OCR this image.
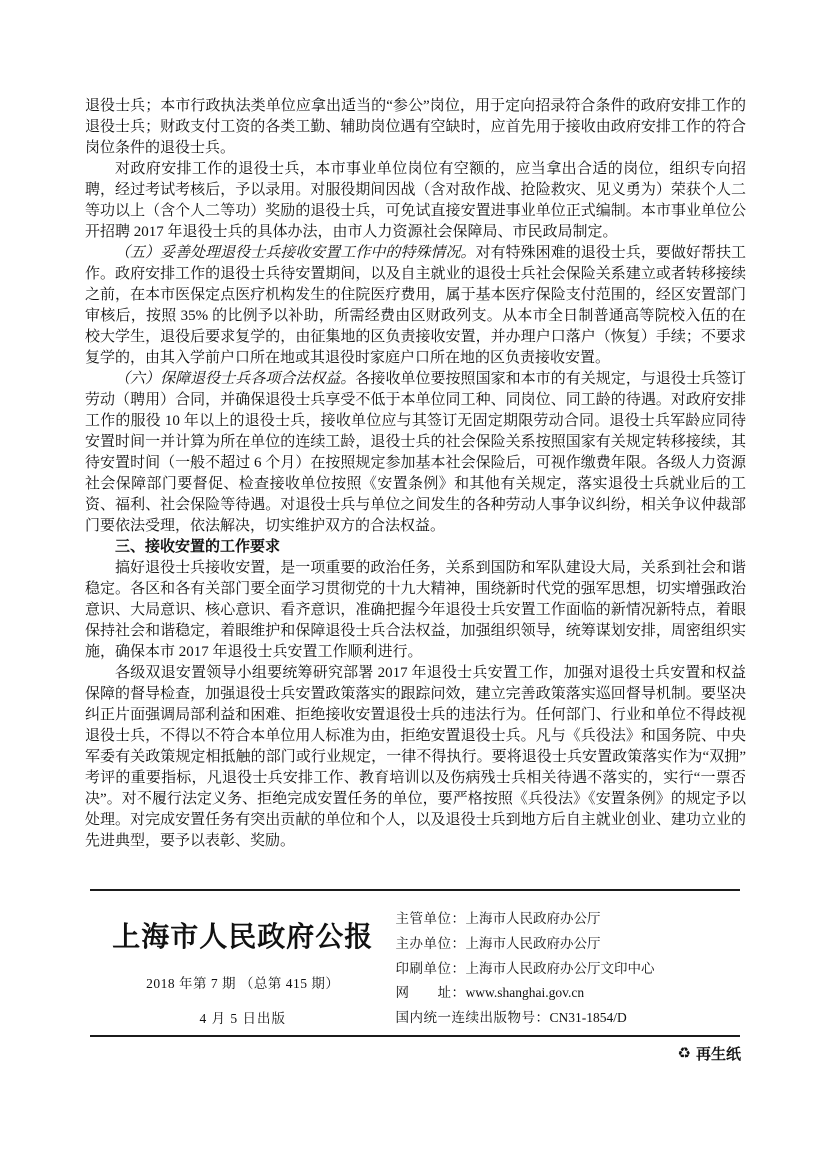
退役士兵；本市行政执法类单位应拿出适当的“参公”岗位，用于定向招录符合条件的政府安排工作的退役士兵；财政支付工资的各类工勤、辅助岗位遇有空缺时，应首先用于接收由政府安排工作的符合岗位条件的退役士兵。

对政府安排工作的退役士兵，本市事业单位岗位有空额的，应当拿出合适的岗位，组织专向招聘，经过考试考核后，予以录用。对服役期间因战（含对敌作战、抢险救灾、见义勇为）荣获个人二等功以上（含个人二等功）奖励的退役士兵，可免试直接安置进事业单位正式编制。本市事业单位公开招聘 2017 年退役士兵的具体办法，由市人力资源社会保障局、市民政局制定。

（五）妥善处理退役士兵接收安置工作中的特殊情况。对有特殊困难的退役士兵，要做好帮扶工作。政府安排工作的退役士兵待安置期间，以及自主就业的退役士兵社会保险关系建立或者转移接续之前，在本市医保定点医疗机构发生的住院医疗费用，属于基本医疗保险支付范围的，经区安置部门审核后，按照 35% 的比例予以补助，所需经费由区财政列支。从本市全日制普通高等院校入伍的在校大学生，退役后要求复学的，由征集地的区负责接收安置，并办理户口落户（恢复）手续；不要求复学的，由其入学前户口所在地或其退役时家庭户口所在地的区负责接收安置。

（六）保障退役士兵各项合法权益。各接收单位要按照国家和本市的有关规定，与退役士兵签订劳动（聘用）合同，并确保退役士兵享受不低于本单位同工种、同岗位、同工龄的待遇。对政府安排工作的服役 10 年以上的退役士兵，接收单位应与其签订无固定期限劳动合同。退役士兵军龄应同待安置时间一并计算为所在单位的连续工龄，退役士兵的社会保险关系按照国家有关规定转移接续，其待安置时间（一般不超过 6 个月）在按照规定参加基本社会保险后，可视作缴费年限。各级人力资源社会保障部门要督促、检查接收单位按照《安置条例》和其他有关规定，落实退役士兵就业后的工资、福利、社会保险等待遇。对退役士兵与单位之间发生的各种劳动人事争议纠纷，相关争议仲裁部门要依法受理，依法解决，切实维护双方的合法权益。

三、接收安置的工作要求

搞好退役士兵接收安置，是一项重要的政治任务，关系到国防和军队建设大局，关系到社会和谐稳定。各区和各有关部门要全面学习贯彻党的十九大精神，围绕新时代党的强军思想，切实增强政治意识、大局意识、核心意识、看齐意识，准确把握今年退役士兵安置工作面临的新情况新特点，着眼保持社会和谐稳定，着眼维护和保障退役士兵合法权益，加强组织领导，统筹谋划安排，周密组织实施，确保本市 2017 年退役士兵安置工作顺利进行。

各级双退安置领导小组要统筹研究部署 2017 年退役士兵安置工作，加强对退役士兵安置和权益保障的督导检查，加强退役士兵安置政策落实的跟踪问效，建立完善政策落实巡回督导机制。要坚决纠正片面强调局部利益和困难、拒绝接收安置退役士兵的违法行为。任何部门、行业和单位不得歧视退役士兵，不得以不符合本单位用人标准为由，拒绝安置退役士兵。凡与《兵役法》和国务院、中央军委有关政策规定相抵触的部门或行业规定，一律不得执行。要将退役士兵安置政策落实作为“双拥”考评的重要指标，凡退役士兵安排工作、教育培训以及伤病残士兵相关待遇不落实的，实行“一票否决”。对不履行法定义务、拒绝完成安置任务的单位，要严格按照《兵役法》《安置条例》的规定予以处理。对完成安置任务有突出贡献的单位和个人，以及退役士兵到地方后自主就业创业、建功立业的先进典型，要予以表彰、奖励。

上海市人民政府公报
2018 年第 7 期 （总第 415 期）
4 月 5 日出版
主管单位：上海市人民政府办公厅
主办单位：上海市人民政府办公厅
印刷单位：上海市人民政府办公厅文印中心
网　　址：www.shanghai.gov.cn
国内统一连续出版物号：CN31-1854/D
♻ 再生纸
